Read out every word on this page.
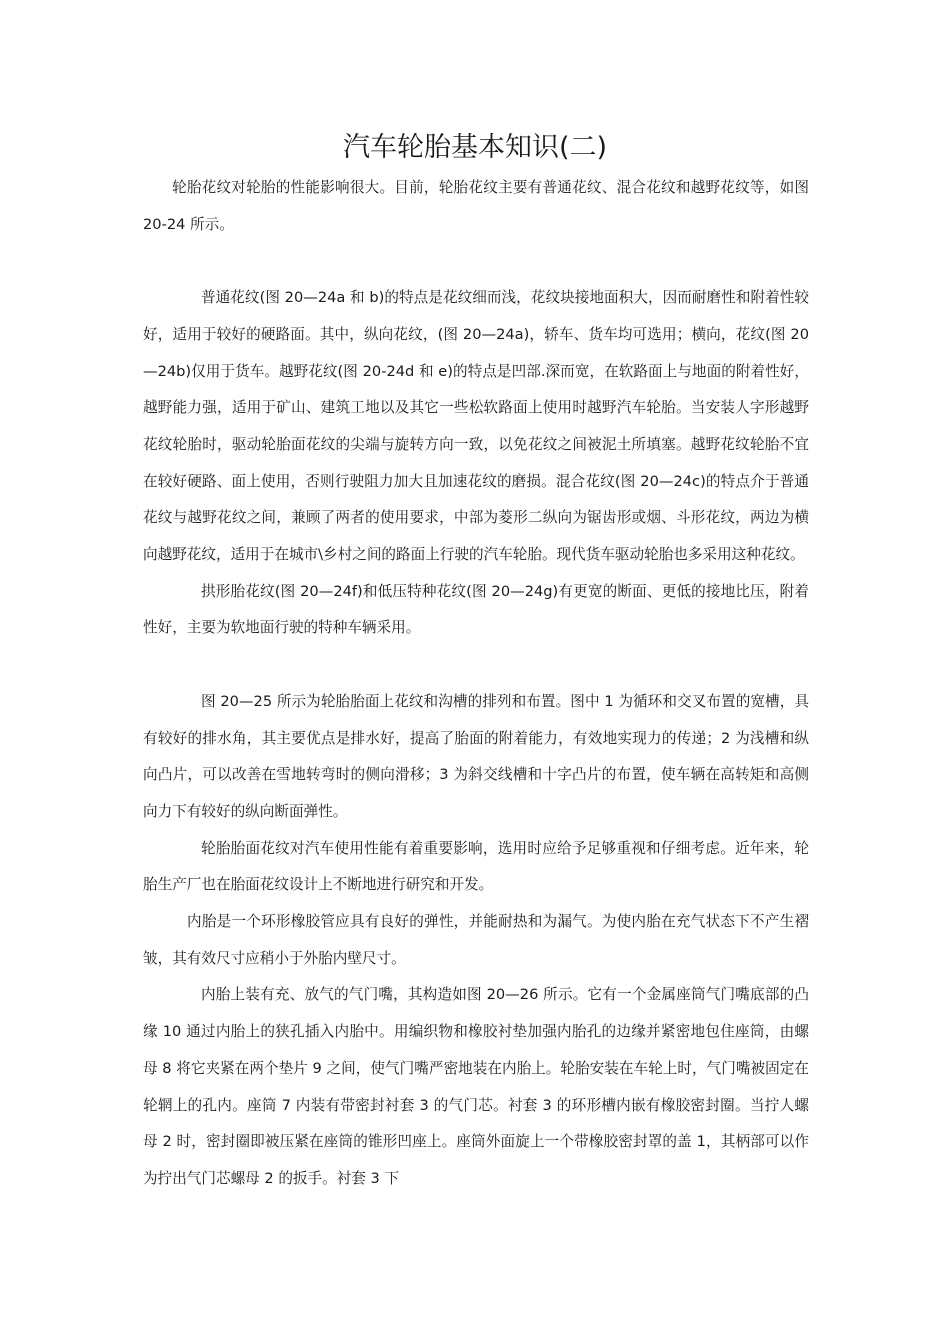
汽车轮胎基本知识(二)

轮胎花纹对轮胎的性能影响很大。目前，轮胎花纹主要有普通花纹、混合花纹和越野花纹等，如图 20-24 所示。

普通花纹(图 20—24a 和 b)的特点是花纹细而浅，花纹块接地面积大，因而耐磨性和附着性较好，适用于较好的硬路面。其中，纵向花纹，(图 20—24a)，轿车、货车均可选用；横向，花纹(图 20—24b)仅用于货车。越野花纹(图 20-24d 和 e)的特点是凹部.深而宽，在软路面上与地面的附着性好，越野能力强，适用于矿山、建筑工地以及其它一些松软路面上使用时越野汽车轮胎。当安装人字形越野花纹轮胎时，驱动轮胎面花纹的尖端与旋转方向一致，以免花纹之间被泥土所填塞。越野花纹轮胎不宜在较好硬路、面上使用，否则行驶阻力加大且加速花纹的磨损。混合花纹(图 20—24c)的特点介于普通花纹与越野花纹之间，兼顾了两者的使用要求，中部为菱形二纵向为锯齿形或烟、斗形花纹，两边为横向越野花纹，适用于在城市\乡村之间的路面上行驶的汽车轮胎。现代货车驱动轮胎也多采用这种花纹。

拱形胎花纹(图 20—24f)和低压特种花纹(图 20—24g)有更宽的断面、更低的接地比压，附着性好，主要为软地面行驶的特种车辆采用。

图 20—25 所示为轮胎胎面上花纹和沟槽的排列和布置。图中 1 为循环和交叉布置的宽槽，具有较好的排水角，其主要优点是排水好，提高了胎面的附着能力，有效地实现力的传递；2 为浅槽和纵向凸片，可以改善在雪地转弯时的侧向滑移；3 为斜交线槽和十字凸片的布置，使车辆在高转矩和高侧向力下有较好的纵向断面弹性。

轮胎胎面花纹对汽车使用性能有着重要影响，选用时应给予足够重视和仔细考虑。近年来，轮胎生产厂也在胎面花纹设计上不断地进行研究和开发。

内胎是一个环形橡胶管应具有良好的弹性，并能耐热和为漏气。为使内胎在充气状态下不产生褶皱，其有效尺寸应稍小于外胎内壁尺寸。

内胎上装有充、放气的气门嘴，其构造如图 20—26 所示。它有一个金属座筒气门嘴底部的凸缘 10 通过内胎上的狭孔插入内胎中。用编织物和橡胶衬垫加强内胎孔的边缘并紧密地包住座筒，由螺母 8 将它夹紧在两个垫片 9 之间，使气门嘴严密地装在内胎上。轮胎安装在车轮上时，气门嘴被固定在轮辋上的孔内。座筒 7 内装有带密封衬套 3 的气门芯。衬套 3 的环形槽内嵌有橡胶密封圈。当拧人螺母 2 时，密封圈即被压紧在座筒的锥形凹座上。座筒外面旋上一个带橡胶密封罩的盖 1，其柄部可以作为拧出气门芯螺母 2 的扳手。衬套 3 下
